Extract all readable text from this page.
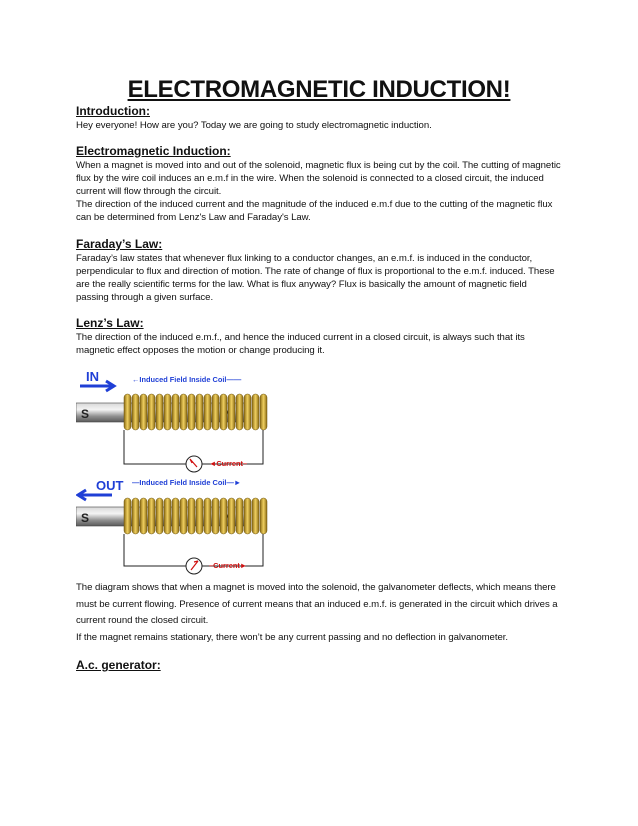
ELECTROMAGNETIC INDUCTION!

Introduction:

Hey everyone! How are you? Today we are going to study electromagnetic induction.

Electromagnetic Induction:

When a magnet is moved into and out of the solenoid, magnetic flux is being cut by the coil. The cutting of magnetic flux by the wire coil induces an e.m.f in the wire. When the solenoid is connected to a closed circuit, the induced current will flow through the circuit.

The direction of the induced current and the magnitude of the induced e.m.f due to the cutting of the magnetic flux can be determined from Lenz's Law and Faraday's Law.

Faraday’s Law:

Faraday’s law states that whenever flux linking to a conductor changes, an e.m.f. is induced in the conductor, perpendicular to flux and direction of motion. The rate of change of flux is proportional to the e.m.f. induced. These are the really scientific terms for the law. What is flux anyway? Flux is basically the amount of magnetic field passing through a given surface.

Lenz’s Law:

The direction of the induced e.m.f., and hence the induced current in a closed circuit, is always such that its magnetic effect opposes the motion or change producing it.

IN	←Induced Field Inside Coil——
S
◄Current–
OUT —Induced Field Inside Coil—►
S
–Current►

The diagram shows that when a magnet is moved into the solenoid, the galvanometer deflects, which means there must be current flowing. Presence of current means that an induced e.m.f. is generated in the circuit which drives a current round the closed circuit.

If the magnet remains stationary, there won’t be any current passing and no deflection in galvanometer.

A.c. generator:
